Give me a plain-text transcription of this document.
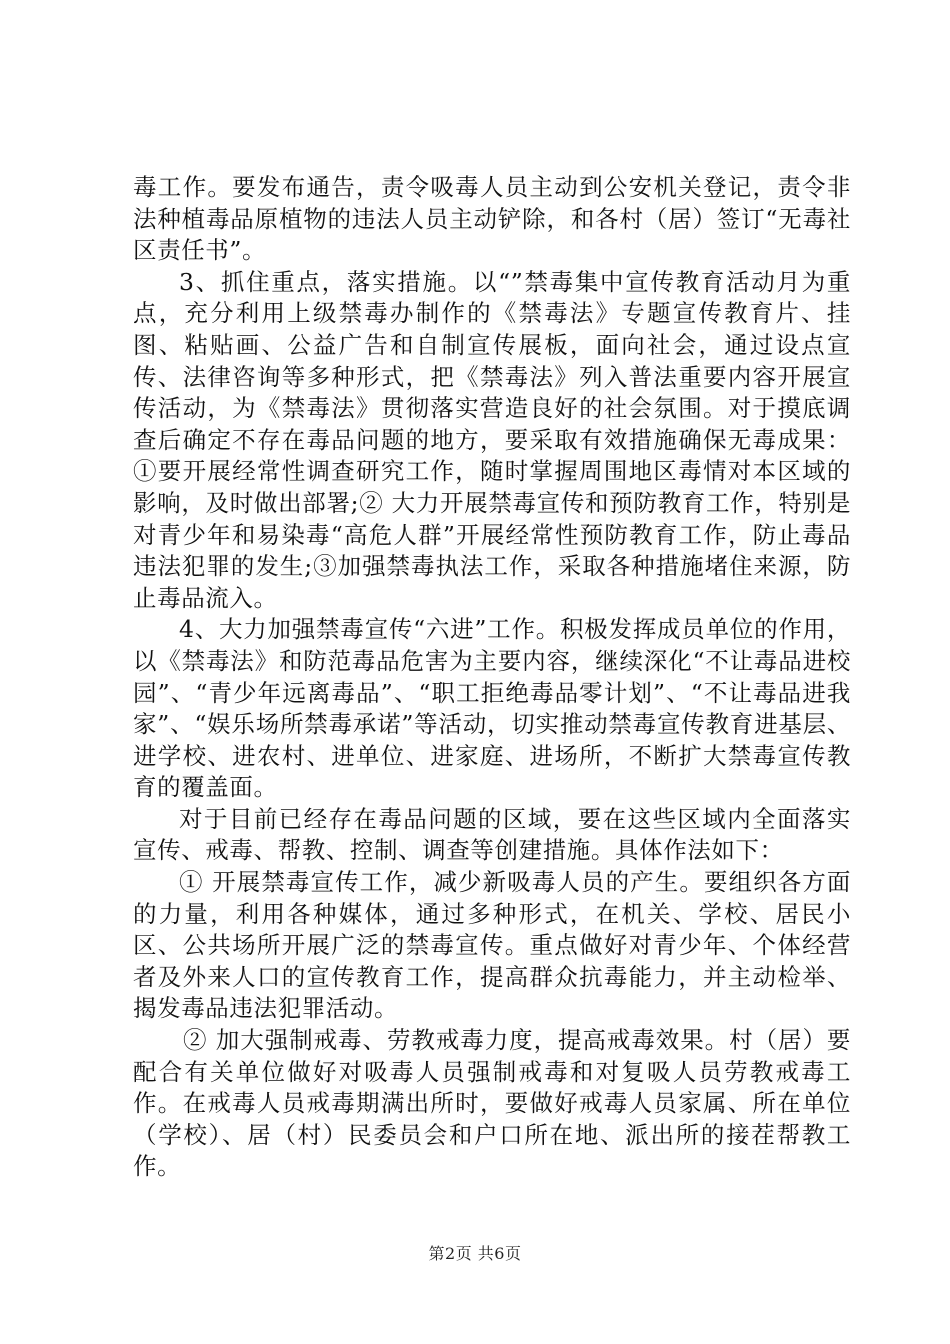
毒工作。要发布通告，责令吸毒人员主动到公安机关登记，责令非法种植毒品原植物的违法人员主动铲除，和各村（居）签订“无毒社区责任书”。

3、抓住重点，落实措施。以“”禁毒集中宣传教育活动月为重点，充分利用上级禁毒办制作的《禁毒法》专题宣传教育片、挂图、粘贴画、公益广告和自制宣传展板，面向社会，通过设点宣传、法律咨询等多种形式，把《禁毒法》列入普法重要内容开展宣传活动，为《禁毒法》贯彻落实营造良好的社会氛围。对于摸底调查后确定不存在毒品问题的地方，要采取有效措施确保无毒成果：①要开展经常性调查研究工作，随时掌握周围地区毒情对本区域的影响，及时做出部署;② 大力开展禁毒宣传和预防教育工作，特别是对青少年和易染毒“高危人群”开展经常性预防教育工作，防止毒品违法犯罪的发生;③加强禁毒执法工作，采取各种措施堵住来源，防止毒品流入。

4、大力加强禁毒宣传“六进”工作。积极发挥成员单位的作用，以《禁毒法》和防范毒品危害为主要内容，继续深化“不让毒品进校园”、“青少年远离毒品”、“职工拒绝毒品零计划”、“不让毒品进我家”、“娱乐场所禁毒承诺”等活动，切实推动禁毒宣传教育进基层、进学校、进农村、进单位、进家庭、进场所，不断扩大禁毒宣传教育的覆盖面。

对于目前已经存在毒品问题的区域，要在这些区域内全面落实宣传、戒毒、帮教、控制、调查等创建措施。具体作法如下：

① 开展禁毒宣传工作，减少新吸毒人员的产生。要组织各方面的力量，利用各种媒体，通过多种形式，在机关、学校、居民小区、公共场所开展广泛的禁毒宣传。重点做好对青少年、个体经营者及外来人口的宣传教育工作，提高群众抗毒能力，并主动检举、揭发毒品违法犯罪活动。

② 加大强制戒毒、劳教戒毒力度，提高戒毒效果。村（居）要配合有关单位做好对吸毒人员强制戒毒和对复吸人员劳教戒毒工作。在戒毒人员戒毒期满出所时，要做好戒毒人员家属、所在单位（学校）、居（村）民委员会和户口所在地、派出所的接茬帮教工作。

第2页 共6页
